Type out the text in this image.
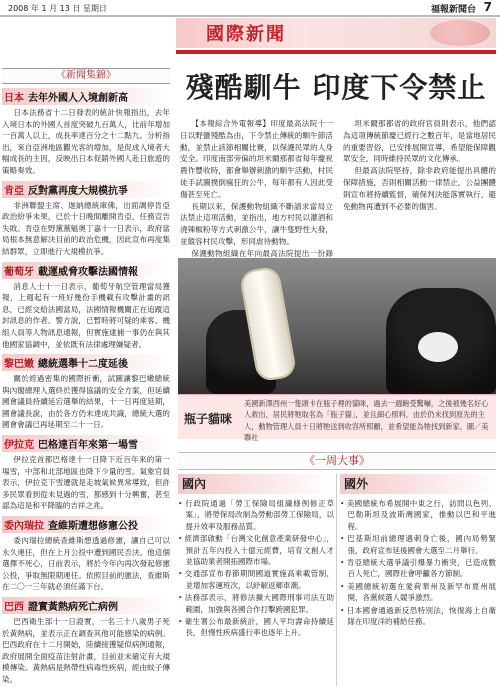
2008 年 1 月 13 日 星期日	福報新聞台 7
國際新聞
《新聞集錦》
日本 去年外國人入境創新高
日本法務省十二日發表的統計快報指出，去年入境日本的外國人首度突破九百萬人，比前年增加一百萬人以上，成長率達百分之十二點九。分析指出，來自亞洲地區觀光客的增加，是促成入境者大幅成長的主因，反映出日本促銷外國人赴日旅遊的策略奏效。
肯亞 反對黨再度大規模抗爭
非洲聯盟主席、迦納總統庫佛，出面調停肯亞政治紛爭未果，已於十日晚間離開肯亞，任務宣告失敗。肯亞在野黨黨魁奧丁嘉十一日表示，政府當局根本無意解決目前的政治危機，因此宣布再度集結群眾，立即進行大規模抗爭。
葡萄牙 載運威脅攻擊法國情報
消息人士十一日表示，葡萄牙航空管理當局獲報，上週起有一班好幾份手機載有攻擊計畫的訊息，已經交給法國當局，法國情報機關正在追蹤這封訊息的作者。警方說，已暫時將可疑的乘客、機組人員等人物訊息通報，但實施逮捕一事仍在與其他國家協調中，並依既有法律處理嫌疑者。
黎巴嫩 總統選舉十二度延後
關於經過密集的國際折衝，試圖讓黎巴嫩總統與內閣總理人選終於獲得協議的安全方案，但延續國會議員持續延宕選舉的結果，十一日再度延期，國會議長說，由於各方仍未達成共識，總統大選的國會會議已再延期至二十一日。
伊拉克 巴格達百年來第一場雪
伊拉克首都巴格達十一日降下近百年來的第一場雪，中部和北部地區也降下少量的雪。氣象官員表示，伊拉克下雪遷就是走坡氣候異常導致，但許多民眾看到從未見過的雪，都感到十分興奮，甚至認為這是和平降臨的吉祥之兆。
委內瑞拉 查維斯遭想修憲公投
委內瑞拉總統查維斯想透過修憲，讓自己可以永久連任，但在上月公投中遭到國民否決。他這個選擇不死心，日前表示，將於今年內再次發起修憲公投，爭取無限期連任。依照目前的憲法，查維斯在二〇一三年就必須任滿下台。
巴西 證實黃熱病死亡病例
巴西衛生部十一日證實，一名三十八歲男子死於黃熱病，並表示正在調查其他可能感染的病例。巴西政府在十二月開始，陸續接獲疑似病例通報，政府展開全面疫苗注射計畫，目前並未確定有大規模傳染。黃熱病是熱帶性病毒性疾病，經由蚊子傳染。
殘酷馴牛 印度下令禁止

【本報綜合外電報導】印度最高法院十一日以野蠻殘酷為由，下令禁止傳統的馴牛節活動，並禁止該節相關比賽，以保護民眾的人身安全。印度南部旁偏的坦米爾那都省每年慶祝農作豐收時，都會舉辦刺激的馴牛活動，村民徒手試圖撲倒瘋狂的公牛，每年都有人因此受傷甚至死亡。

長期以來，保護動物組織不斷請求當局立法禁止這項活動，並指出，地方村民以灌酒和澆辣椒粉等方式刺激公牛，讓牛隻野性大發，並縱容村民攻擊，形同虐待動物。

保護動物組織在年向最高法院提出一份錄

坦米爾那都省的政府官員則表示，他們認為這項傳統節慶已經行之數百年，是當地居民的重要習俗，已安排展開宣導，希望能保障觀眾安全，同時維持民眾的文化傳承。

但最高法院堅持，除非政府能提出具體的保障措施，否則相關活動一律禁止，公益團體則宣布將持續監督，確保判決能落實執行，避免動物再遭到不必要的傷害。

瓶子貓咪
美國新澤西州一隻頭卡在瓶子裡的貓咪，過去一週飽受驚嚇，之後被幾名好心人救出，居民將牠取名為「瓶子貓」，並且細心照料，由於仍未找到原先的主人，動物管理人員十日將牠送到收容所照顧，並希望能為牠找到新家。圖／美聯社
《一周大事》
國內
• 行政院通過「勞工保險局組織條例修正草案」，將勞保局改制為勞動部勞工保險局，以提升效率及服務品質。
• 經濟部啟動「台灣文化創意產業研發中心」，預計五年內投入十億元經費，培育文創人才並協助業者開拓國際市場。
• 交通部宣布春節期間國道實施高乘載管制，並增加客運班次，以紓解返鄉車潮。
• 法務部表示，將修法擴大國際刑事司法互助範圍，加強與各國合作打擊跨國犯罪。
• 衛生署公布最新統計，國人平均壽命持續延長，但慢性疾病盛行率也逐年上升。
國外
• 美國總統布希展開中東之行，訪問以色列、巴勒斯坦及波斯灣國家，推動以巴和平進程。
• 巴基斯坦前總理遇刺身亡後，國內局勢緊張，政府宣布延後國會大選至二月舉行。
• 肯亞總統大選爭議引爆暴力衝突，已造成數百人死亡，國際社會呼籲各方節制。
• 美國總統初選在愛荷華州及新罕布夏州展開，各黨候選人競爭激烈。
• 日本國會通過新反恐特別法，恢復海上自衛隊在印度洋的補給任務。
